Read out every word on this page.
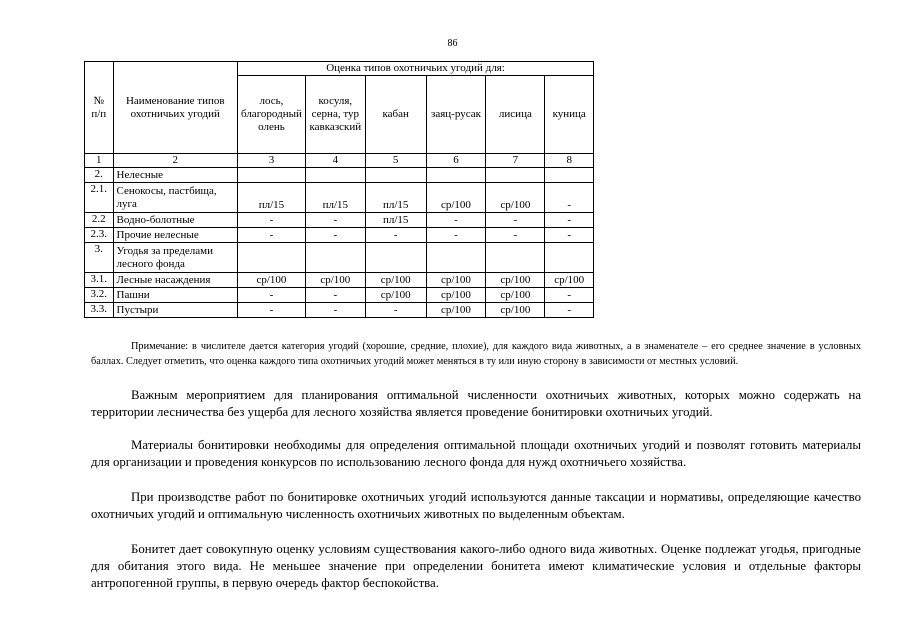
86
№ п/п	Наименование типов охотничьих угодий	Оценка типов охотничьих угодий для:					
		лось, благородный олень	косуля, серна, тур кавказский	кабан	заяц-русак	лисица	куница
1	2	3	4	5	6	7	8
2.	Нелесные						
2.1.	Сенокосы, пастбища, луга	пл/15	пл/15	пл/15	ср/100	ср/100	-
2.2	Водно-болотные	-	-	пл/15	-	-	-
2.3.	Прочие нелесные	-	-	-	-	-	-
3.	Угодья за пределами лесного фонда						
3.1.	Лесные насаждения	ср/100	ср/100	ср/100	ср/100	ср/100	ср/100
3.2.	Пашни	-	-	ср/100	ср/100	ср/100	-
3.3.	Пустыри	-	-	-	ср/100	ср/100	-
Примечание: в числителе дается категория угодий (хорошие, средние, плохие), для каждого вида животных, а в знаменателе – его среднее значение в условных баллах. Следует отметить, что оценка каждого типа охотничьих угодий может меняться в ту или иную сторону в зависимости от местных условий.
Важным мероприятием для планирования оптимальной численности охотничьих животных, которых можно содержать на территории лесничества без ущерба для лесного хозяйства является проведение бонитировки охотничьих угодий.
Материалы бонитировки необходимы для определения оптимальной площади охотничьих угодий и позволят готовить материалы для организации и проведения конкурсов по использованию лесного фонда для нужд охотничьего хозяйства.
При производстве работ по бонитировке охотничьих угодий используются данные таксации и нормативы, определяющие качество охотничьих угодий и оптимальную численность охотничьих животных по выделенным объектам.
Бонитет дает совокупную оценку условиям существования какого-либо одного вида животных. Оценке подлежат угодья, пригодные для обитания этого вида. Не меньшее значение при определении бонитета имеют климатические условия и отдельные факторы антропогенной группы, в первую очередь фактор беспокойства.
